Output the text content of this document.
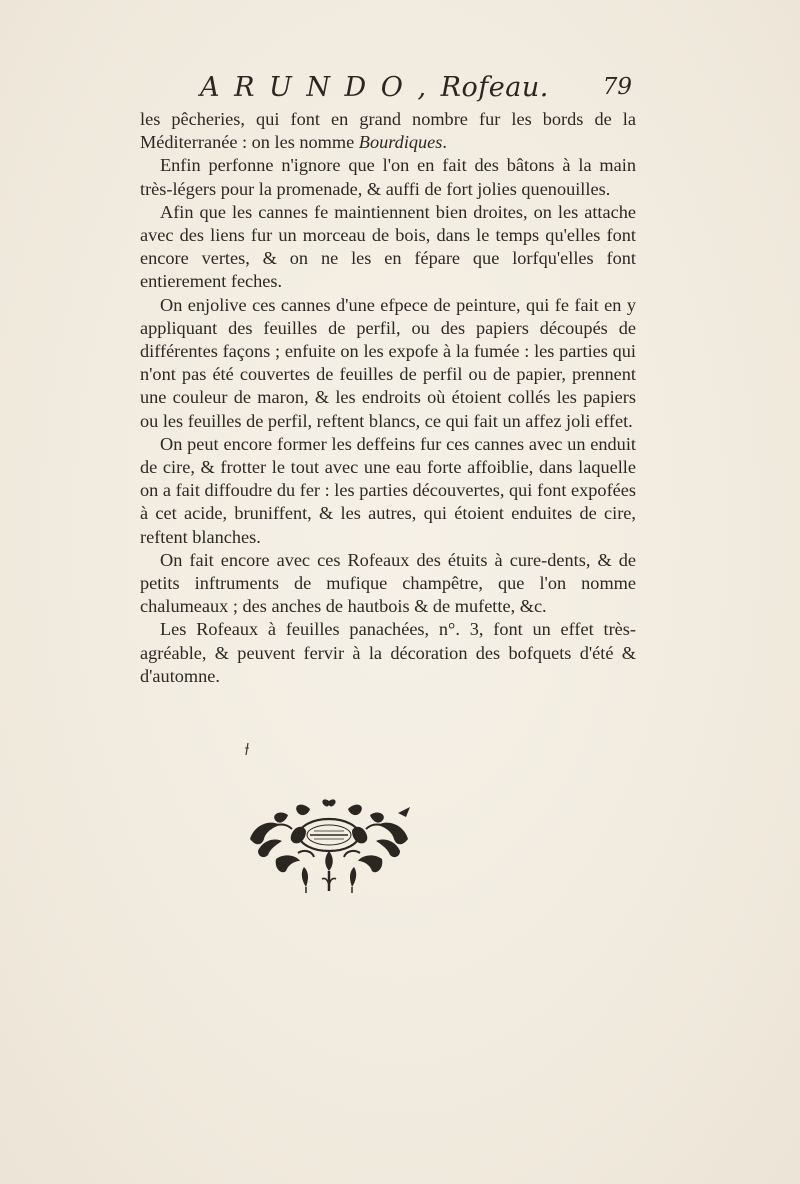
A R U N D O , Rofeau. 79

les pêcheries, qui font en grand nombre fur les bords de la Méditerranée : on les nomme Bourdiques.

Enfin perfonne n'ignore que l'on en fait des bâtons à la main très-légers pour la promenade, & auffi de fort jolies quenouilles.

Afin que les cannes fe maintiennent bien droites, on les attache avec des liens fur un morceau de bois, dans le temps qu'elles font encore vertes, & on ne les en fépare que lorfqu'elles font entierement feches.

On enjolive ces cannes d'une efpece de peinture, qui fe fait en y appliquant des feuilles de perfil, ou des papiers découpés de différentes façons ; enfuite on les expofe à la fumée : les parties qui n'ont pas été couvertes de feuilles de perfil ou de papier, prennent une couleur de maron, & les endroits où étoient collés les papiers ou les feuilles de perfil, reftent blancs, ce qui fait un affez joli effet.

On peut encore former les deffeins fur ces cannes avec un enduit de cire, & frotter le tout avec une eau forte affoiblie, dans laquelle on a fait diffoudre du fer : les parties découvertes, qui font expofées à cet acide, bruniffent, & les autres, qui étoient enduites de cire, reftent blanches.

On fait encore avec ces Rofeaux des étuits à cure-dents, & de petits inftruments de mufique champêtre, que l'on nomme chalumeaux ; des anches de hautbois & de mufette, &c.

Les Rofeaux à feuilles panachées, n°. 3, font un effet très-agréable, & peuvent fervir à la décoration des bofquets d'été & d'automne.
